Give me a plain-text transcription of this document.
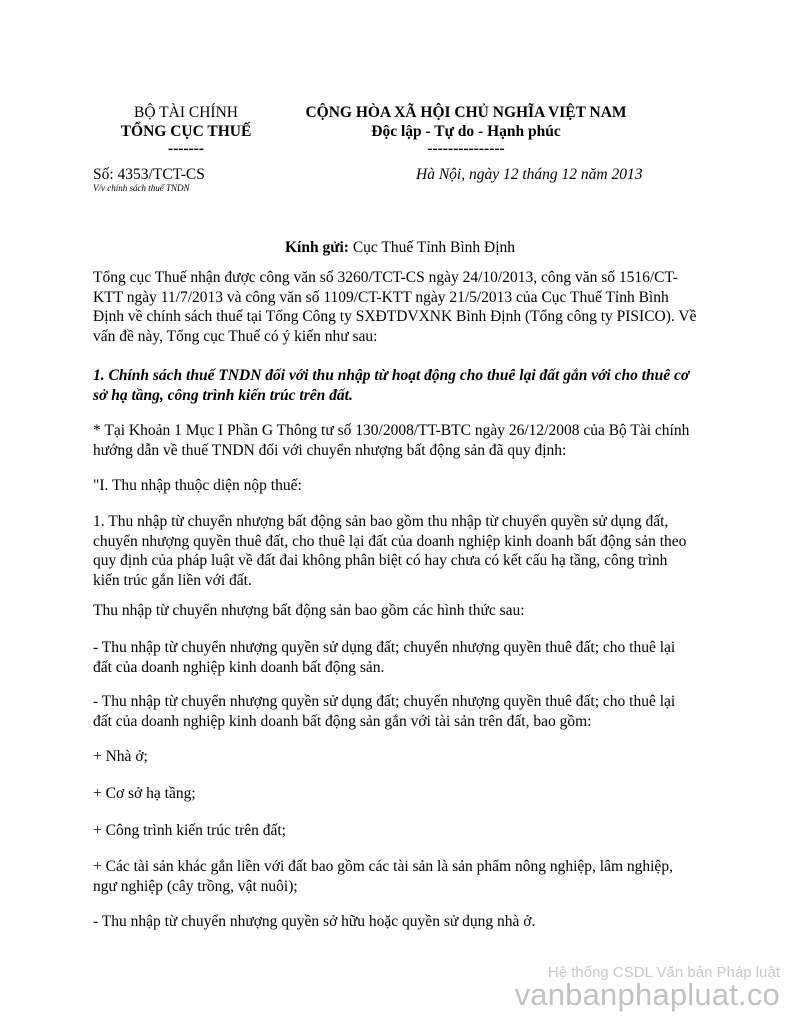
BỘ TÀI CHÍNH
TỔNG CỤC THUẾ
-------
CỘNG HÒA XÃ HỘI CHỦ NGHĨA VIỆT NAM
Độc lập - Tự do - Hạnh phúc
---------------
Số: 4353/TCT-CS
V/v chính sách thuế TNDN
Hà Nội, ngày 12 tháng 12 năm 2013
Kính gửi: Cục Thuế Tỉnh Bình Định
Tổng cục Thuế nhận được công văn số 3260/TCT-CS ngày 24/10/2013, công văn số 1516/CT-
KTT ngày 11/7/2013 và công văn số 1109/CT-KTT ngày 21/5/2013 của Cục Thuế Tỉnh Bình
Định về chính sách thuế tại Tổng Công ty SXĐTDVXNK Bình Định (Tổng công ty PISICO). Về
vấn đề này, Tổng cục Thuế có ý kiến như sau:
1. Chính sách thuế TNDN đối với thu nhập từ hoạt động cho thuê lại đất gắn với cho thuê cơ
sở hạ tầng, công trình kiến trúc trên đất.
* Tại Khoản 1 Mục I Phần G Thông tư số 130/2008/TT-BTC ngày 26/12/2008 của Bộ Tài chính
hướng dẫn về thuế TNDN đối với chuyển nhượng bất động sản đã quy định:
"I. Thu nhập thuộc diện nộp thuế:
1. Thu nhập từ chuyển nhượng bất động sản bao gồm thu nhập từ chuyển quyền sử dụng đất,
chuyển nhượng quyền thuê đất, cho thuê lại đất của doanh nghiệp kinh doanh bất động sản theo
quy định của pháp luật về đất đai không phân biệt có hay chưa có kết cấu hạ tầng, công trình
kiến trúc gắn liền với đất.
Thu nhập từ chuyển nhượng bất động sản bao gồm các hình thức sau:
- Thu nhập từ chuyển nhượng quyền sử dụng đất; chuyển nhượng quyền thuê đất; cho thuê lại
đất của doanh nghiệp kinh doanh bất động sản.
- Thu nhập từ chuyển nhượng quyền sử dụng đất; chuyển nhượng quyền thuê đất; cho thuê lại
đất của doanh nghiệp kinh doanh bất động sản gắn với tài sản trên đất, bao gồm:
+ Nhà ở;
+ Cơ sở hạ tầng;
+ Công trình kiến trúc trên đất;
+ Các tài sản khác gắn liền với đất bao gồm các tài sản là sản phẩm nông nghiệp, lâm nghiệp,
ngư nghiệp (cây trồng, vật nuôi);
- Thu nhập từ chuyển nhượng quyền sở hữu hoặc quyền sử dụng nhà ở.
Hệ thống CSDL Văn bản Pháp luật
vanbanphapluat.co
